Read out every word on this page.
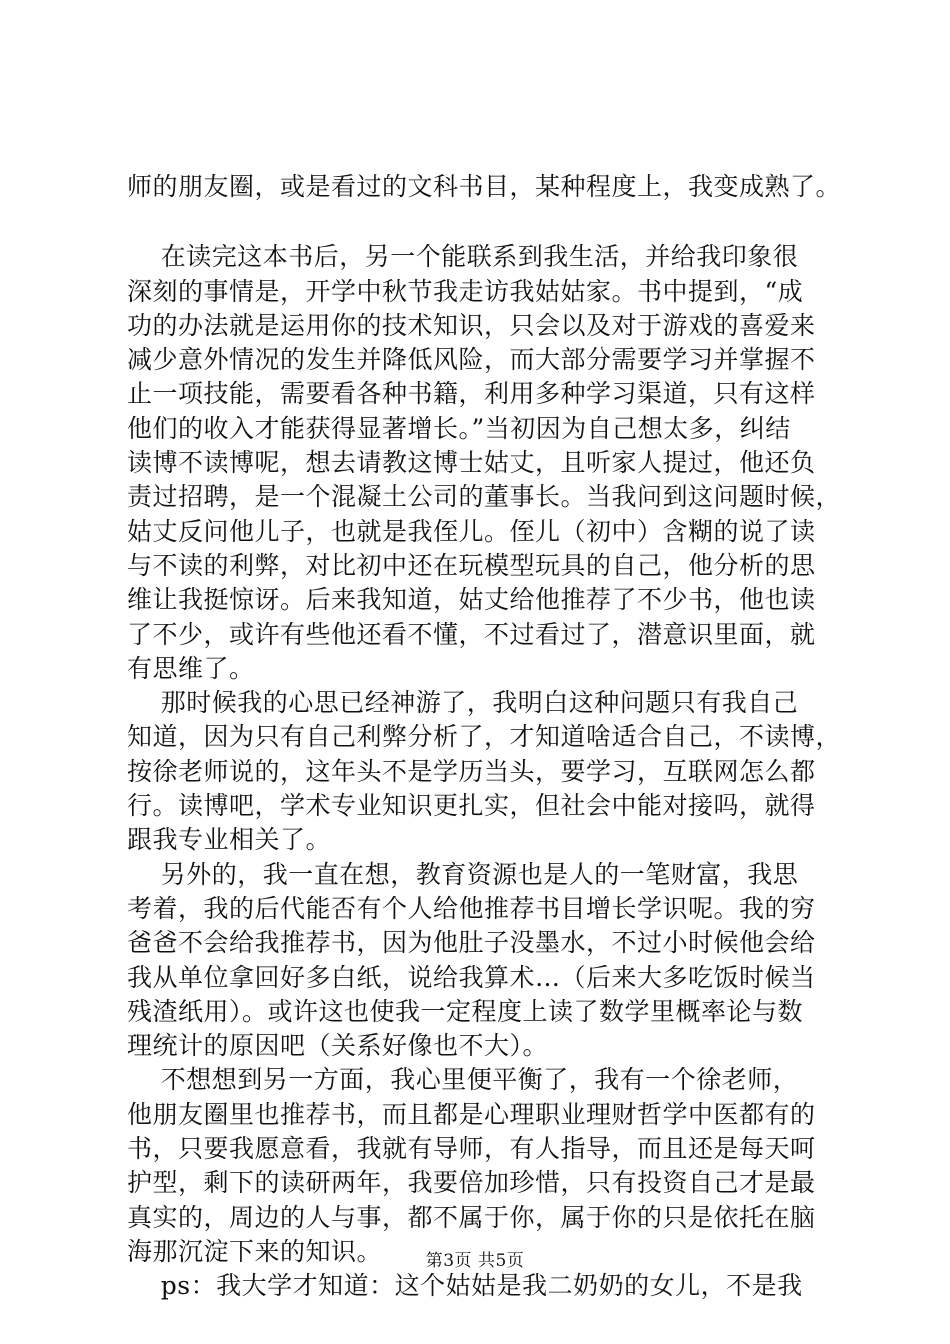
师的朋友圈，或是看过的文科书目，某种程度上，我变成熟了。
在读完这本书后，另一个能联系到我生活，并给我印象很
深刻的事情是，开学中秋节我走访我姑姑家。书中提到，“成
功的办法就是运用你的技术知识，只会以及对于游戏的喜爱来
减少意外情况的发生并降低风险，而大部分需要学习并掌握不
止一项技能，需要看各种书籍，利用多种学习渠道，只有这样
他们的收入才能获得显著增长。”当初因为自己想太多，纠结
读博不读博呢，想去请教这博士姑丈，且听家人提过，他还负
责过招聘，是一个混凝土公司的董事长。当我问到这问题时候，
姑丈反问他儿子，也就是我侄儿。侄儿（初中）含糊的说了读
与不读的利弊，对比初中还在玩模型玩具的自己，他分析的思
维让我挺惊讶。后来我知道，姑丈给他推荐了不少书，他也读
了不少，或许有些他还看不懂，不过看过了，潜意识里面，就
有思维了。
那时候我的心思已经神游了，我明白这种问题只有我自己
知道，因为只有自己利弊分析了，才知道啥适合自己，不读博，
按徐老师说的，这年头不是学历当头，要学习，互联网怎么都
行。读博吧，学术专业知识更扎实，但社会中能对接吗，就得
跟我专业相关了。
另外的，我一直在想，教育资源也是人的一笔财富，我思
考着，我的后代能否有个人给他推荐书目增长学识呢。我的穷
爸爸不会给我推荐书，因为他肚子没墨水，不过小时候他会给
我从单位拿回好多白纸，说给我算术…（后来大多吃饭时候当
残渣纸用）。或许这也使我一定程度上读了数学里概率论与数
理统计的原因吧（关系好像也不大）。
不想想到另一方面，我心里便平衡了，我有一个徐老师，
他朋友圈里也推荐书，而且都是心理职业理财哲学中医都有的
书，只要我愿意看，我就有导师，有人指导，而且还是每天呵
护型，剩下的读研两年，我要倍加珍惜，只有投资自己才是最
真实的，周边的人与事，都不属于你，属于你的只是依托在脑
海那沉淀下来的知识。
ps：我大学才知道：这个姑姑是我二奶奶的女儿，不是我
第3页 共5页
